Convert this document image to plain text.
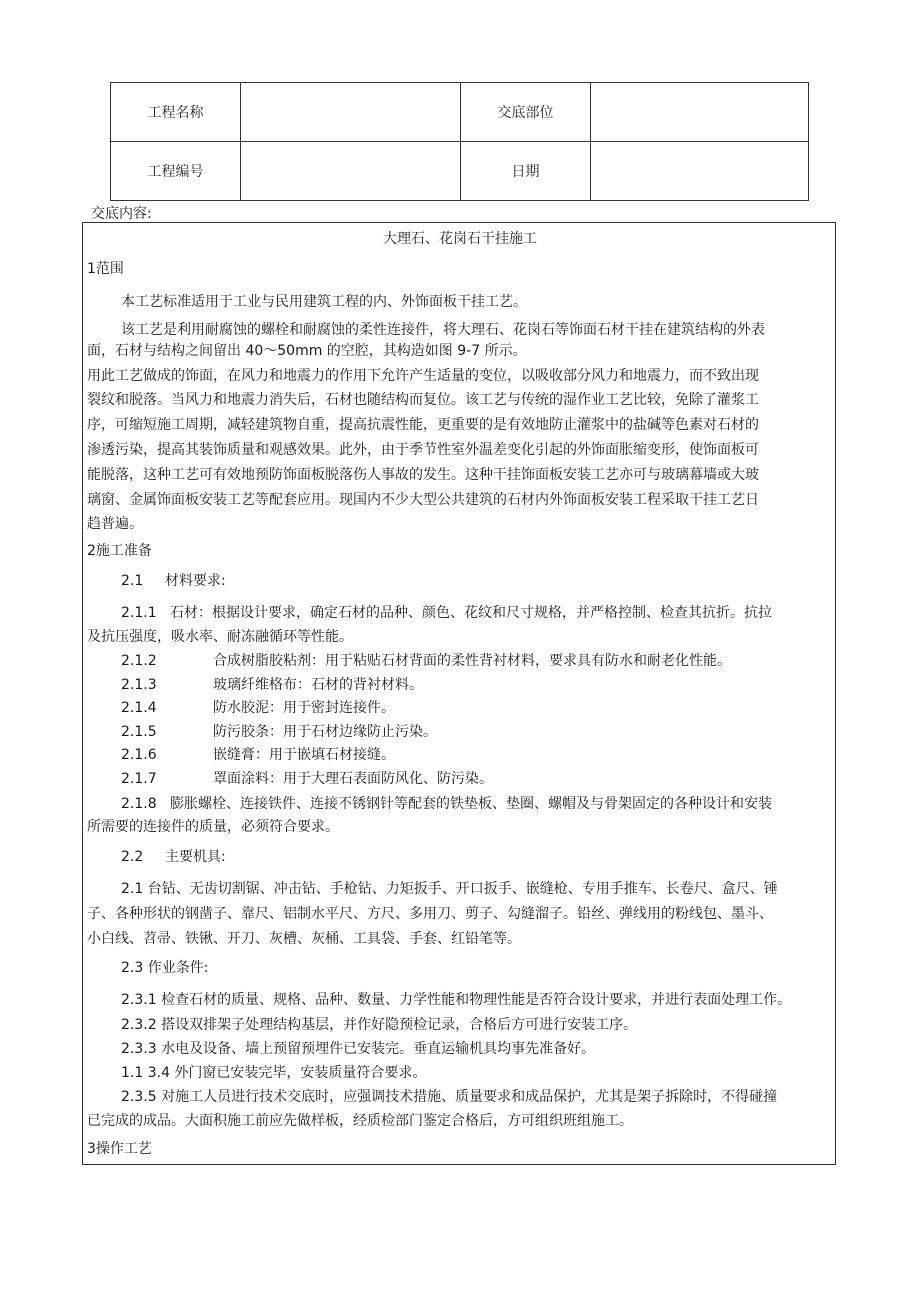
工程名称		交底部位	
工程编号		日期	
交底内容:
大理石、花岗石干挂施工
1范围
本工艺标准适用于工业与民用建筑工程的内、外饰面板干挂工艺。
该工艺是利用耐腐蚀的螺栓和耐腐蚀的柔性连接件，将大理石、花岗石等饰面石材干挂在建筑结构的外表
面，石材与结构之间留出 40～50mm 的空腔，其构造如图 9-7 所示。
用此工艺做成的饰面，在风力和地震力的作用下允许产生适量的变位，以吸收部分风力和地震力，而不致出现
裂纹和脱落。当风力和地震力消失后，石材也随结构而复位。该工艺与传统的湿作业工艺比较，免除了灌浆工
序，可缩短施工周期，减轻建筑物自重，提高抗震性能，更重要的是有效地防止灌浆中的盐碱等色素对石材的
渗透污染，提高其装饰质量和观感效果。此外，由于季节性室外温差变化引起的外饰面胀缩变形，使饰面板可
能脱落，这种工艺可有效地预防饰面板脱落伤人事故的发生。这种干挂饰面板安装工艺亦可与玻璃幕墙或大玻
璃窗、金属饰面板安装工艺等配套应用。现国内不少大型公共建筑的石材内外饰面板安装工程采取干挂工艺日
趋普遍。
2施工准备
2.1 材料要求:
2.1.1 石材：根据设计要求，确定石材的品种、颜色、花纹和尺寸规格，并严格控制、检查其抗折。抗拉
及抗压强度，吸水率、耐冻融循环等性能。
2.1.2	合成树脂胶粘剂：用于粘贴石材背面的柔性背衬材料，要求具有防水和耐老化性能。
2.1.3	玻璃纤维格布：石材的背衬材料。
2.1.4	防水胶泥：用于密封连接件。
2.1.5	防污胶条：用于石材边缘防止污染。
2.1.6	嵌缝膏：用于嵌填石材接缝。
2.1.7	罩面涂料：用于大理石表面防风化、防污染。
2.1.8 膨胀螺栓、连接铁件、连接不锈钢针等配套的铁垫板、垫圈、螺帽及与骨架固定的各种设计和安装
所需要的连接件的质量，必须符合要求。
2.2 主要机具:
2.1 台钻、无齿切割锯、冲击钻、手枪钻、力矩扳手、开口扳手、嵌缝枪、专用手推车、长卷尺、盒尺、锤
子、各种形状的钢凿子、靠尺、铝制水平尺、方尺、多用刀、剪子、勾缝溜子。铅丝、弹线用的粉线包、墨斗、
小白线、苕帚、铁锹、开刀、灰槽、灰桶、工具袋、手套、红铅笔等。
2.3 作业条件:
2.3.1 检查石材的质量、规格、品种、数量、力学性能和物理性能是否符合设计要求，并进行表面处理工作。
2.3.2 搭设双排架子处理结构基层，并作好隐预检记录，合格后方可进行安装工序。
2.3.3 水电及设备、墙上预留预埋件已安装完。垂直运输机具均事先准备好。
1.1 3.4 外门窗已安装完毕，安装质量符合要求。
2.3.5 对施工人员进行技术交底时，应强调技术措施、质量要求和成品保护，尤其是架子拆除时，不得碰撞
已完成的成品。大面积施工前应先做样板，经质检部门鉴定合格后，方可组织班组施工。
3操作工艺
